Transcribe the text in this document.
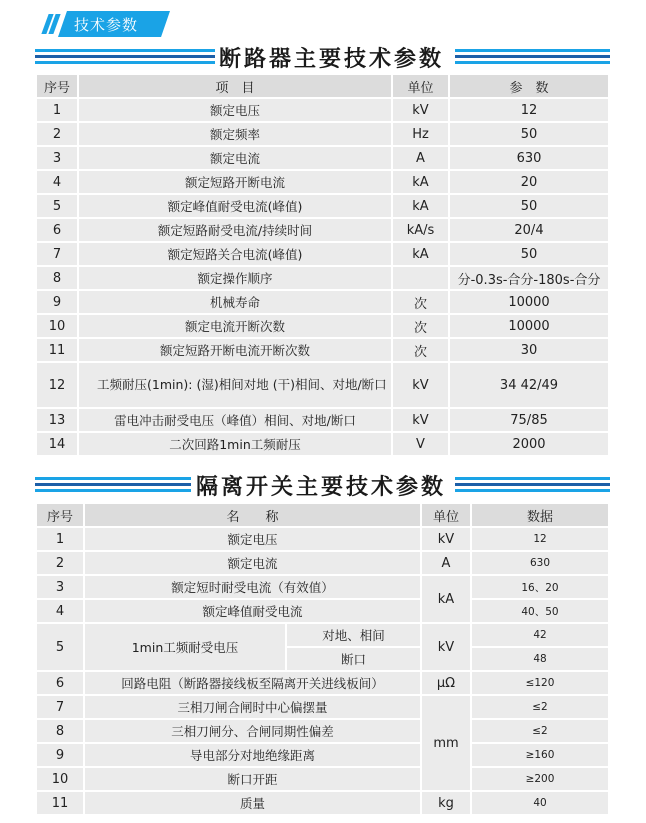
技术参数
断路器主要技术参数
序号	项　目	单位	参　数
1	额定电压	kV	12
2	额定频率	Hz	50
3	额定电流	A	630
4	额定短路开断电流	kA	20
5	额定峰值耐受电流(峰值)	kA	50
6	额定短路耐受电流/持续时间	kA/s	20/4
7	额定短路关合电流(峰值)	kA	50
8	额定操作顺序		分-0.3s-合分-180s-合分
9	机械寿命	次	10000
10	额定电流开断次数	次	10000
11	额定短路开断电流开断次数	次	30
12	工频耐压(1min): (湿)相间对地 (干)相间、对地/断口	kV	34 42/49
13	雷电冲击耐受电压（峰值）相间、对地/断口	kV	75/85
14	二次回路1min工频耐压	V	2000
隔离开关主要技术参数
序号	名　　称		单位	数据
1	额定电压		kV	12
2	额定电流		A	630
3	额定短时耐受电流（有效值）		kA	16、20
4	额定峰值耐受电流			40、50
5	1min工频耐受电压	对地、相间	kV	42
		断口		48
6	回路电阻（断路器接线板至隔离开关进线板间）		μΩ	≤120
7	三相刀闸合闸时中心偏摆量		mm	≤2
8	三相刀闸分、合闸同期性偏差			≤2
9	导电部分对地绝缘距离			≥160
10	断口开距			≥200
11	质量		kg	40
